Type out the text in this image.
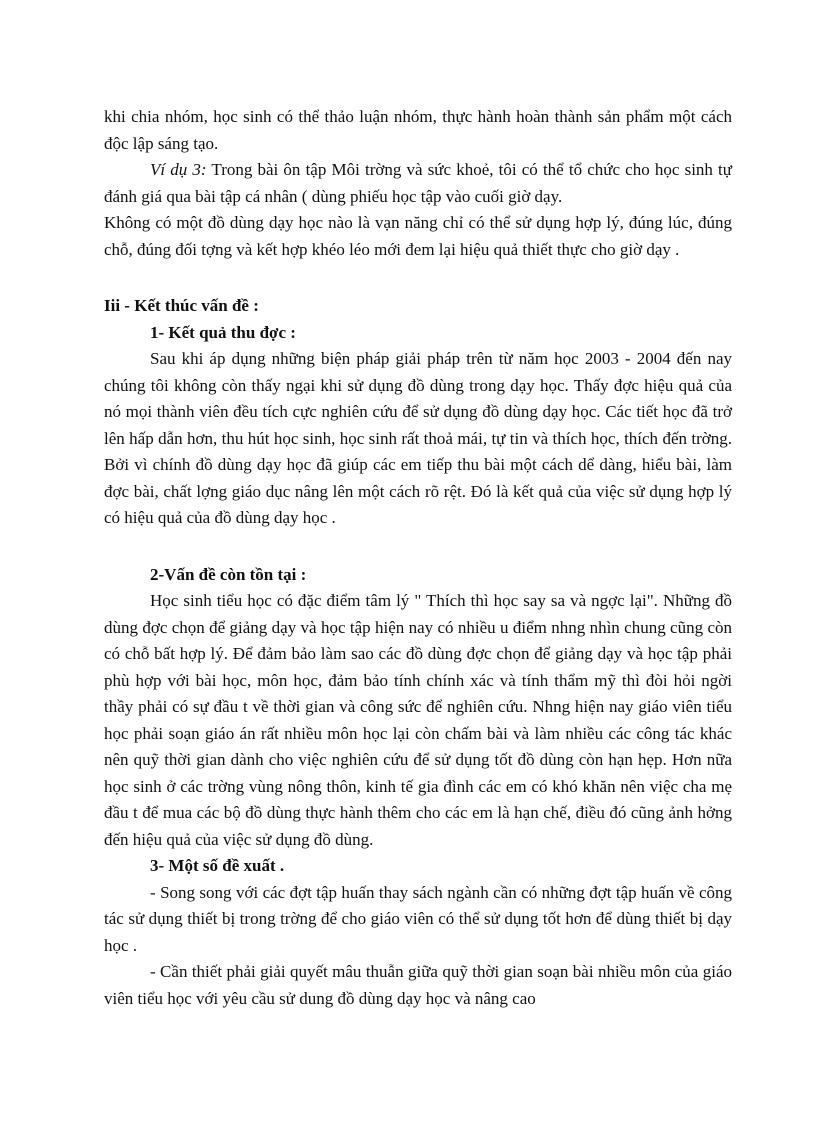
khi chia nhóm, học sinh có thể thảo luận nhóm, thực hành hoàn thành sản phẩm một cách độc lập sáng tạo.

Ví dụ 3: Trong bài ôn tập Môi trờng và sức khoẻ, tôi có thể tổ chức cho học sinh tự đánh giá qua bài tập cá nhân ( dùng phiếu học tập vào cuối giờ dạy.

Không có một đồ dùng dạy học nào là vạn năng chỉ có thể sử dụng hợp lý, đúng lúc, đúng chỗ, đúng đối tợng và kết hợp khéo léo mới đem lại hiệu quả thiết thực cho giờ dạy .

Iii - Kết thúc vấn đề :

1- Kết quả thu đợc :

Sau khi áp dụng những biện pháp giải pháp trên từ năm học 2003 - 2004 đến nay chúng tôi không còn thấy ngại khi sử dụng đồ dùng trong dạy học. Thấy đợc hiệu quả của nó mọi thành viên đều tích cực nghiên cứu để sử dụng đồ dùng dạy học. Các tiết học đã trở lên hấp dẫn hơn, thu hút học sinh, học sinh rất thoả mái, tự tin và thích học, thích đến trờng. Bởi vì chính đồ dùng dạy học đã giúp các em tiếp thu bài một cách dể dàng, hiểu bài, làm đợc bài, chất lợng giáo dục nâng lên một cách rõ rệt. Đó là kết quả của việc sử dụng hợp lý có hiệu quả của đồ dùng dạy học .

2-Vấn đề còn tồn tại :

Học sinh tiểu học có đặc điểm tâm lý " Thích thì học say sa và ngợc lại". Những đồ dùng đợc chọn để giảng dạy và học tập hiện nay có nhiều u điểm nhng nhìn chung cũng còn có chỗ bất hợp lý. Để đảm bảo làm sao các đồ dùng đợc chọn để giảng dạy và học tập phải phù hợp với bài học, môn học, đảm bảo tính chính xác và tính thẩm mỹ thì đòi hỏi ngời thầy phải có sự đầu t về thời gian và công sức để nghiên cứu. Nhng hiện nay giáo viên tiểu học phải soạn giáo án rất nhiều môn học lại còn chấm bài và làm nhiều các công tác khác nên quỹ thời gian dành cho việc nghiên cứu để sử dụng tốt đồ dùng còn hạn hẹp. Hơn nữa học sinh ở các trờng vùng nông thôn, kinh tế gia đình các em có khó khăn nên việc cha mẹ đầu t để mua các bộ đồ dùng thực hành thêm cho các em là hạn chế, điều đó cũng ảnh hởng đến hiệu quả của việc sử dụng đồ dùng.

3- Một số đề xuất .

- Song song với các đợt tập huấn thay sách ngành cần có những đợt tập huấn về công tác sử dụng thiết bị trong trờng để cho giáo viên có thể sử dụng tốt hơn để dùng thiết bị dạy học .

- Cần thiết phải giải quyết mâu thuẫn giữa quỹ thời gian soạn bài nhiều môn của giáo viên tiểu học với yêu cầu sử dung đồ dùng dạy học và nâng cao
